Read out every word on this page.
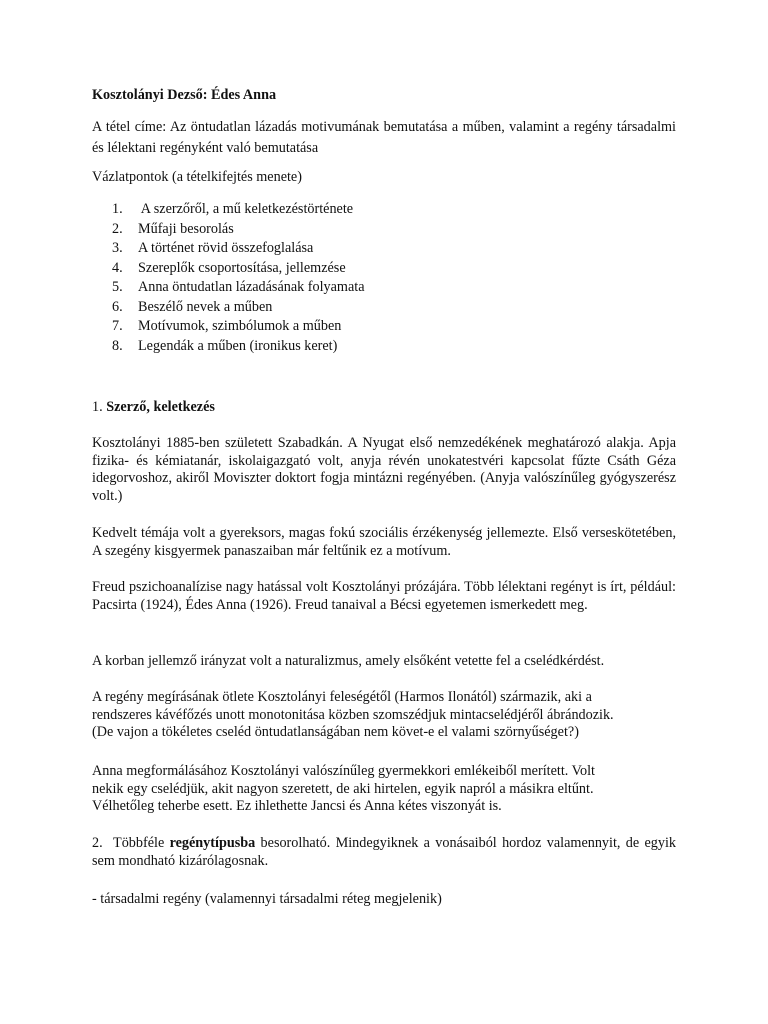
Kosztolányi Dezső: Édes Anna

A tétel címe: Az öntudatlan lázadás motivumának bemutatása a műben, valamint a regény társadalmi és lélektani regényként való bemutatása

Vázlatpontok (a tételkifejtés menete)

1.	A szerzőről, a mű keletkezéstörténete
2.	Műfaji besorolás
3.	A történet rövid összefoglalása
4.	Szereplők csoportosítása, jellemzése
5.	Anna öntudatlan lázadásának folyamata
6.	Beszélő nevek a műben
7.	Motívumok, szimbólumok a műben
8.	Legendák a műben (ironikus keret)

1. Szerző, keletkezés

Kosztolányi 1885-ben született Szabadkán. A Nyugat első nemzedékének meghatározó alakja. Apja fizika- és kémiatanár, iskolaigazgató volt, anyja révén unokatestvéri kapcsolat fűzte Csáth Géza idegorvoshoz, akiről Moviszter doktort fogja mintázni regényében. (Anyja valószínűleg gyógyszerész volt.)

Kedvelt témája volt a gyereksors, magas fokú szociális érzékenység jellemezte. Első verseskötetében, A szegény kisgyermek panaszaiban már feltűnik ez a motívum.

Freud pszichoanalízise nagy hatással volt Kosztolányi prózájára. Több lélektani regényt is írt, például: Pacsirta (1924), Édes Anna (1926). Freud tanaival a Bécsi egyetemen ismerkedett meg.

A korban jellemző irányzat volt a naturalizmus, amely elsőként vetette fel a cselédkérdést.

A regény megírásának ötlete Kosztolányi feleségétől (Harmos Ilonától) származik, aki a
rendszeres kávéfőzés unott monotonitása közben szomszédjuk mintacselédjéről ábrándozik.
(De vajon a tökéletes cseléd öntudatlanságában nem követ-e el valami szörnyűséget?)

Anna megformálásához Kosztolányi valószínűleg gyermekkori emlékeiből merített. Volt
nekik egy cselédjük, akit nagyon szeretett, de aki hirtelen, egyik napról a másikra eltűnt.
Vélhetőleg teherbe esett. Ez ihlethette Jancsi és Anna kétes viszonyát is.

2.  Többféle regénytípusba besorolható. Mindegyiknek a vonásaiból hordoz valamennyit, de egyik sem mondható kizárólagosnak.

- társadalmi regény (valamennyi társadalmi réteg megjelenik)
